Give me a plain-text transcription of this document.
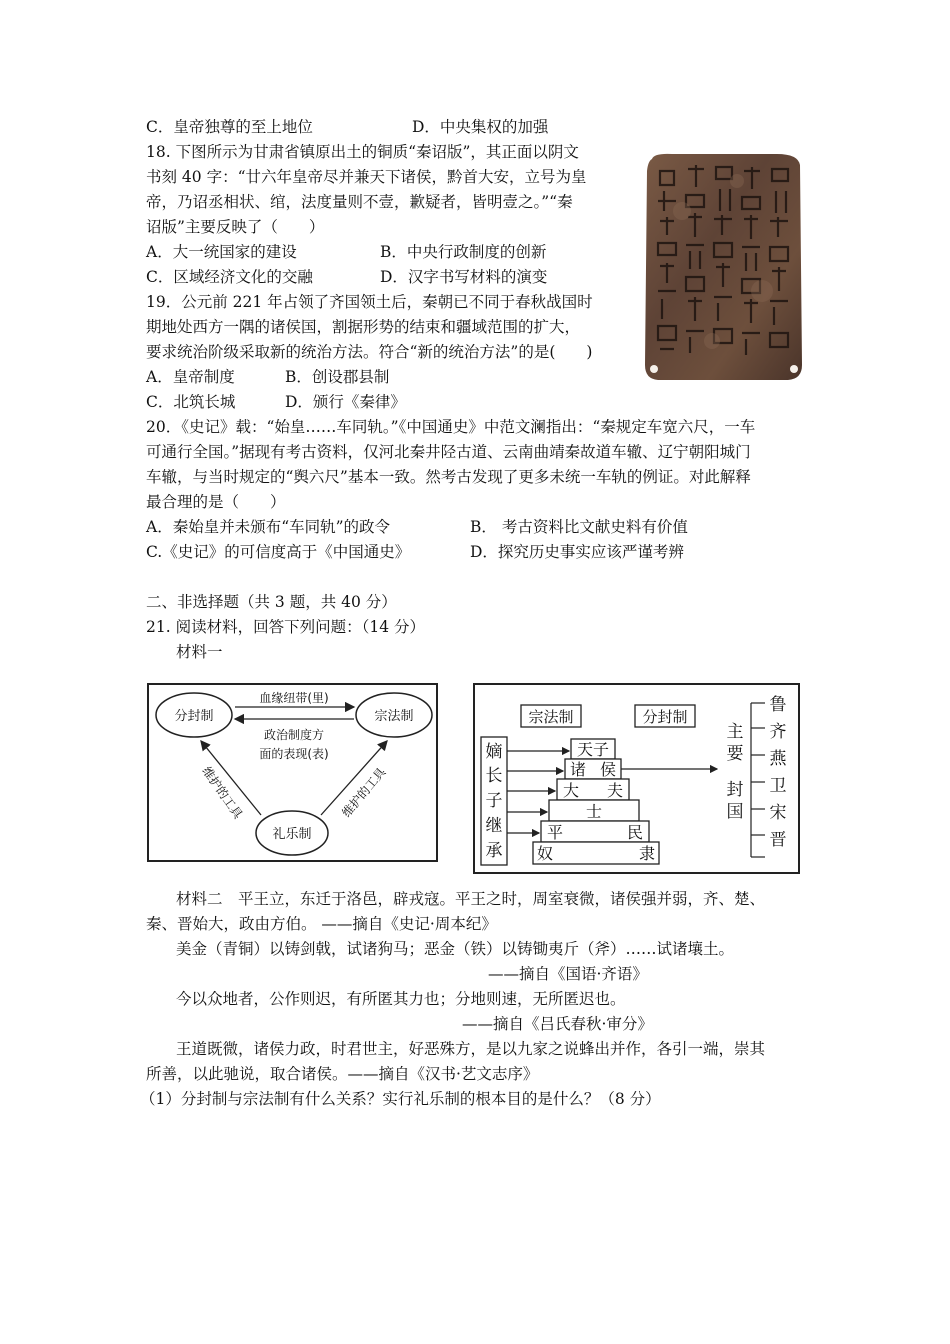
C．皇帝独尊的至上地位	D．中央集权的加强
18. 下图所示为甘肃省镇原出土的铜质“秦诏版”，其正面以阴文
书刻 40 字：“廿六年皇帝尽并兼天下诸侯，黔首大安，立号为皇
帝，乃诏丞相状、绾，法度量则不壹，歉疑者，皆明壹之。”“秦
诏版”主要反映了（　　）
A．大一统国家的建设	B．中央行政制度的创新
C．区域经济文化的交融	D．汉字书写材料的演变
19．公元前 221 年占领了齐国领土后，秦朝已不同于春秋战国时
期地处西方一隅的诸侯国，割据形势的结束和疆域范围的扩大，
要求统治阶级采取新的统治方法。符合“新的统治方法”的是(　　)
A．皇帝制度	B．创设郡县制
C．北筑长城	D．颁行《秦律》
20．《史记》载：“始皇……车同轨。”《中国通史》中范文澜指出：“秦规定车宽六尺，一车
可通行全国。”据现有考古资料，仅河北秦井陉古道、云南曲靖秦故道车辙、辽宁朝阳城门
车辙，与当时规定的“舆六尺”基本一致。然考古发现了更多未统一车轨的例证。对此解释
最合理的是（　　）
A．秦始皇并未颁布“车同轨”的政令	B． 考古资料比文献史料有价值
C.《史记》的可信度高于《中国通史》	D．探究历史事实应该严谨考辨
二、非选择题（共 3 题，共 40 分）
21. 阅读材料，回答下列问题：（14 分）
材料一
分封制	宗法制
礼乐制
血缘纽带(里)
政治制度方
面的表现(表)
维护的工具	维护的工具
宗法制	分封制
嫡
长
子
继
承
天子
诸 侯
大 夫
士
平	民
奴	隶
主
要
封
国
鲁
齐
燕
卫
宋
晋
材料二　平王立，东迁于洛邑，辟戎寇。平王之时，周室衰微，诸侯强并弱，齐、楚、
秦、晋始大，政由方伯。 ——摘自《史记·周本纪》
美金（青铜）以铸剑戟，试诸狗马；恶金（铁）以铸锄夷斤（斧）……试诸壤土。
——摘自《国语·齐语》
今以众地者，公作则迟，有所匿其力也；分地则速，无所匿迟也。
——摘自《吕氏春秋·审分》
王道既微，诸侯力政，时君世主，好恶殊方，是以九家之说蜂出并作，各引一端，崇其
所善，以此驰说，取合诸侯。——摘自《汉书·艺文志序》
（1）分封制与宗法制有什么关系？实行礼乐制的根本目的是什么？（8 分）
